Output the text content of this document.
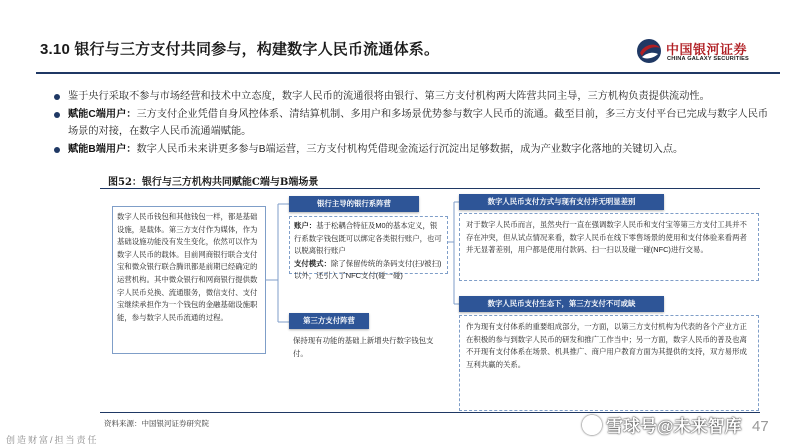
3.10 银行与三方支付共同参与，构建数字人民币流通体系。	中国银河证券
CHINA GALAXY SECURITIES
鉴于央行采取不参与市场经营和技术中立态度，数字人民币的流通很将由银行、第三方支付机构两大阵营共同主导，三方机构负责提供流动性。
赋能C端用户：三方支付企业凭借自身风控体系、清结算机制、多用户和多场景优势参与数字人民币的流通。截至目前，多三方支付平台已完成与数字人民币场景的对接，在数字人民币流通端赋能。
赋能B端用户：数字人民币未来讲更多参与B端运营，三方支付机构凭借现金流运行沉淀出足够数据，成为产业数字化落地的关键切入点。
图52：银行与三方机构共同赋能C端与B端场景
数字人民币钱包和其他钱包一样，都是基础设施，是载体。第三方支付作为媒体，作为基础设施功能没有发生变化，依然可以作为数字人民币的载体。目前网商银行联合支付宝和微众银行联合腾讯都是前期已经确定的运营机构。其中微众银行和网商银行提供数字人民币兑换、流通服务，微信支付、支付宝继续承担作为一个钱包的金融基础设施职能，参与数字人民币流通的过程。
银行主导的银行系阵营
账户：基于松耦合特征及M0的基本定义，银行系数字钱包既可以绑定各类银行账户，也可以脱离银行账户
支付模式：除了保留传统的条码支付(扫/被扫)以外，还引入了NFC支付(碰一碰)
第三方支付阵营
保持现有功能的基础上新增央行数字钱包支付。
数字人民币支付方式与现有支付并无明显差别
对于数字人民币而言，虽然央行一直在强调数字人民币和支付宝等第三方支付工具并不存在冲突，但从试点情况来看，数字人民币在线下零售场景的使用和支付体验来看两者并无显著差别，用户都是使用付款码、扫一扫以及碰一碰(NFC)进行交易。
数字人民币支付生态下，第三方支付不可或缺
作为现有支付体系的重要组成部分，一方面，以第三方支付机构为代表的各个产业方正在积极的参与到数字人民币的研发和推广工作当中；另一方面，数字人民币的普及也离不开现有支付体系在场景、机具推广、商户用户教育方面为其提供的支持，双方易形成互利共赢的关系。
资料来源：中国银河证券研究院	47
创造财富/担当责任
雪球号@未来智库
